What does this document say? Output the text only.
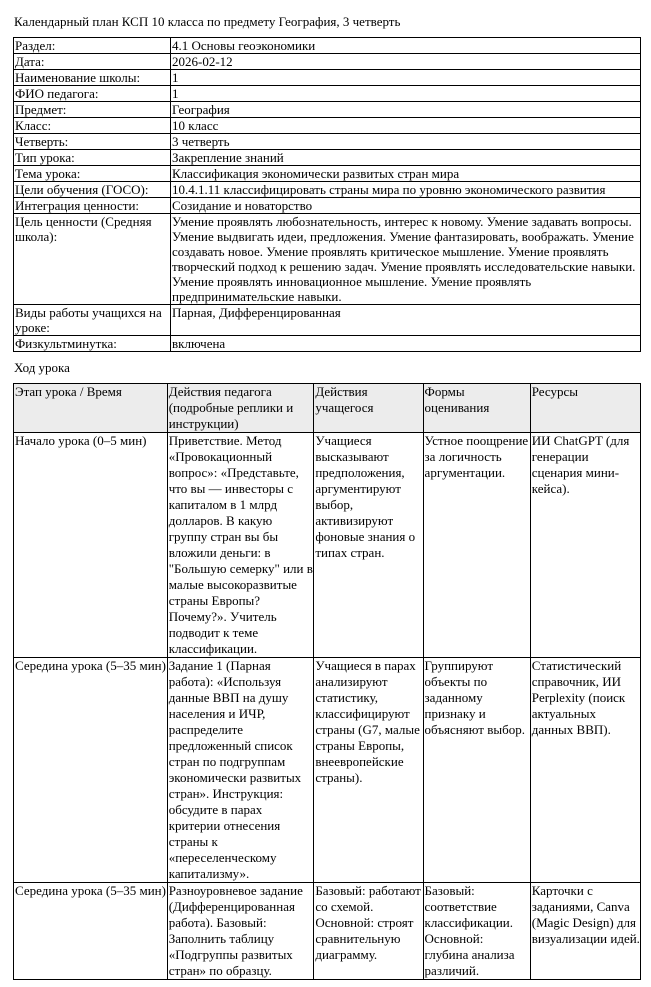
Календарный план КСП 10 класса по предмету География, 3 четверть
Раздел:	4.1 Основы геоэкономики
Дата:	2026-02-12
Наименование школы:	1
ФИО педагога:	1
Предмет:	География
Класс:	10 класс
Четверть:	3 четверть
Тип урока:	Закрепление знаний
Тема урока:	Классификация экономически развитых стран мира
Цели обучения (ГОСО):	10.4.1.11 классифицировать страны мира по уровню экономического развития
Интеграция ценности:	Созидание и новаторство
Цель ценности (Средняя школа):	Умение проявлять любознательность, интерес к новому. Умение задавать вопросы. Умение выдвигать идеи, предложения. Умение фантазировать, воображать. Умение создавать новое. Умение проявлять критическое мышление. Умение проявлять творческий подход к решению задач. Умение проявлять исследовательские навыки. Умение проявлять инновационное мышление. Умение проявлять предпринимательские навыки.
Виды работы учащихся на уроке:	Парная, Дифференцированная
Физкультминутка:	включена
Ход урока
Этап урока / Время	Действия педагога (подробные реплики и инструкции)	Действия учащегося	Формы оценивания	Ресурсы
Начало урока (0–5 мин)	Приветствие. Метод «Провокационный вопрос»: «Представьте, что вы — инвесторы с капиталом в 1 млрд долларов. В какую группу стран вы бы вложили деньги: в "Большую семерку" или в малые высокоразвитые страны Европы? Почему?». Учитель подводит к теме классификации.	Учащиеся высказывают предположения, аргументируют выбор, активизируют фоновые знания о типах стран.	Устное поощрение за логичность аргументации.	ИИ ChatGPT (для генерации сценария мини-кейса).
Середина урока (5–35 мин)	Задание 1 (Парная работа): «Используя данные ВВП на душу населения и ИЧР, распределите предложенный список стран по подгруппам экономически развитых стран». Инструкция: обсудите в парах критерии отнесения страны к «переселенческому капитализму».	Учащиеся в парах анализируют статистику, классифицируют страны (G7, малые страны Европы, внеевропейские страны).	Группируют объекты по заданному признаку и объясняют выбор.	Статистический справочник, ИИ Perplexity (поиск актуальных данных ВВП).
Середина урока (5–35 мин)	Разноуровневое задание (Дифференцированная работа). Базовый: Заполнить таблицу «Подгруппы развитых стран» по образцу.	Базовый: работают со схемой. Основной: строят сравнительную диаграмму.	Базовый: соответствие классификации. Основной: глубина анализа различий.	Карточки с заданиями, Canva (Magic Design) для визуализации идей.
